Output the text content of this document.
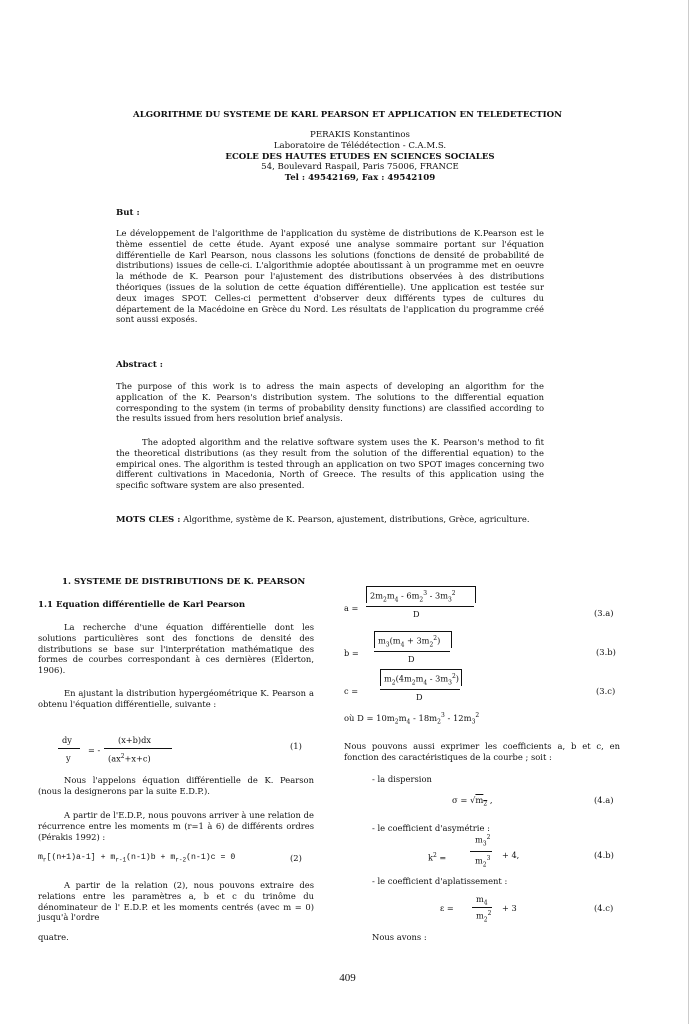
ALGORITHME DU SYSTEME DE KARL PEARSON ET APPLICATION EN TELEDETECTION
PERAKIS Konstantinos
Laboratoire de Télédétection - C.A.M.S.
ECOLE DES HAUTES ETUDES EN SCIENCES SOCIALES
54, Boulevard Raspail, Paris 75006, FRANCE
Tel : 49542169, Fax : 49542109
But :
Le développement de l'algorithme de l'application du système de distributions de K.Pearson est le thème essentiel de cette étude. Ayant exposé une analyse sommaire portant sur l'équation différentielle de Karl Pearson, nous classons les solutions (fonctions de densité de probabilité de distributions) issues de celle-ci. L'algorithmie adoptée aboutissant à un programme met en oeuvre la méthode de K. Pearson pour l'ajustement des distributions observées à des distributions théoriques (issues de la solution de cette équation différentielle). Une application est testée sur deux images SPOT. Celles-ci permettent d'observer deux différents types de cultures du département de la Macédoine en Grèce du Nord. Les résultats de l'application du programme créé sont aussi exposés.
Abstract :
The purpose of this work is to adress the main aspects of developing an algorithm for the application of the K. Pearson's distribution system. The solutions to the differential equation corresponding to the system (in terms of probability density functions) are classified according to the results issued from hers resolution brief analysis.
The adopted algorithm and the relative software system uses the K. Pearson's method to fit the theoretical distributions (as they result from the solution of the differential equation) to the empirical ones. The algorithm is tested through an application on two SPOT images concerning two different cultivations in Macedonia, North of Greece. The results of this application using the specific software system are also presented.
MOTS CLES : Algorithme, système de K. Pearson, ajustement, distributions, Grèce, agriculture.
1. SYSTEME DE DISTRIBUTIONS DE K. PEARSON
1.1 Equation différentielle de Karl Pearson
La recherche d'une équation différentielle dont les solutions particulières sont des fonctions de densité des distributions se base sur l'interprétation mathématique des formes de courbes correspondant à ces dernières (Elderton, 1906).
En ajustant la distribution hypergéométrique K. Pearson a obtenu l'équation différentielle, suivante :
dy
y
= -
(x+b)dx
$(ax^2+x+c)$
(1)
Nous l'appelons équation différentielle de K. Pearson (nous la designerons par la suite E.D.P.).
A partir de l'E.D.P., nous pouvons arriver à une relation de récurrence entre les moments m (r=1 à 6) de différents ordres (Pérakis 1992) :
$m_r[(n+1)a-1] + m_{r-1}(n-1)b + m_{r-2}(n-1)c = 0$	(2)
A partir de la relation (2), nous pouvons extraire des relations entre les paramètres a, b et c du trinôme du dénominateur de l' E.D.P. et les moments centrés (avec m = 0) jusqu'à l'ordre
quatre.
a =
$2m_2m_4 - 6m_2^3 - 3m_3^2$
D	(3.a)
b =
$m_3(m_4 + 3m_2^2)$
D
(3.b)
c =
$m_2(4m_2m_4 - 3m_3^2)$
D
(3.c)
où $D = 10m_2m_4 - 18m_2^3 - 12m_3^2$
Nous pouvons aussi exprimer les coefficients a, b et c, en fonction des caractéristiques de la courbe ; soit :
- la dispersion
$\sigma = √m_2$ ,	(4.a)
- le coefficient d'asymétrie :
$k^2$ =
$m_3^2$
$m_2^3 + 4$,	(4.b)
- le coefficient d'aplatissement :
ε =
$m_4$
$m_2^2$
+ 3	(4.c)
Nous avons :
409
